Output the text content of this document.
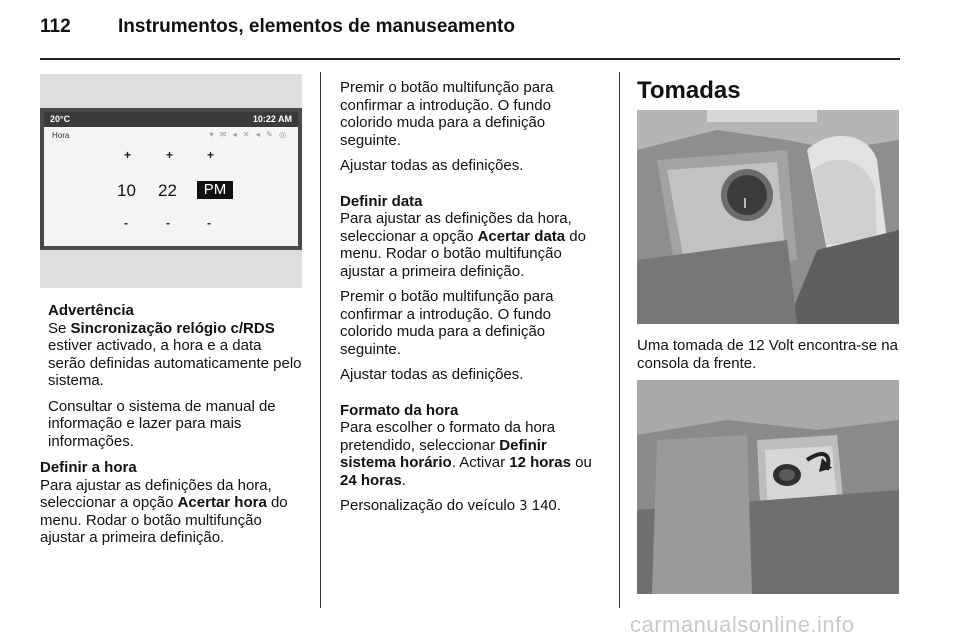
112 Instrumentos, elementos de manuseamento
20°C	10:22 AM
Hora	▾ ✉ ◂ ✕ ◂ ✎ ◎
+	+	+
10 22	PM
-	-	-
Advertência

Se Sincronização relógio c/RDS estiver activado, a hora e a data serão definidas automaticamente pelo sistema.

Consultar o sistema de manual de informação e lazer para mais informações.

Definir a hora

Para ajustar as definições da hora, seleccionar a opção Acertar hora do menu. Rodar o botão multifunção ajustar a primeira definição.

Premir o botão multifunção para confirmar a introdução. O fundo colorido muda para a definição seguinte.

Ajustar todas as definições.

Definir data

Para ajustar as definições da hora, seleccionar a opção Acertar data do menu. Rodar o botão multifunção ajustar a primeira definição.

Premir o botão multifunção para confirmar a introdução. O fundo colorido muda para a definição seguinte.

Ajustar todas as definições.

Formato da hora

Para escolher o formato da hora pretendido, seleccionar Definir sistema horário. Activar 12 horas ou 24 horas.

Personalização do veículo 3 140.

Tomadas

Uma tomada de 12 Volt encontra-se na consola da frente.

carmanualsonline.info
